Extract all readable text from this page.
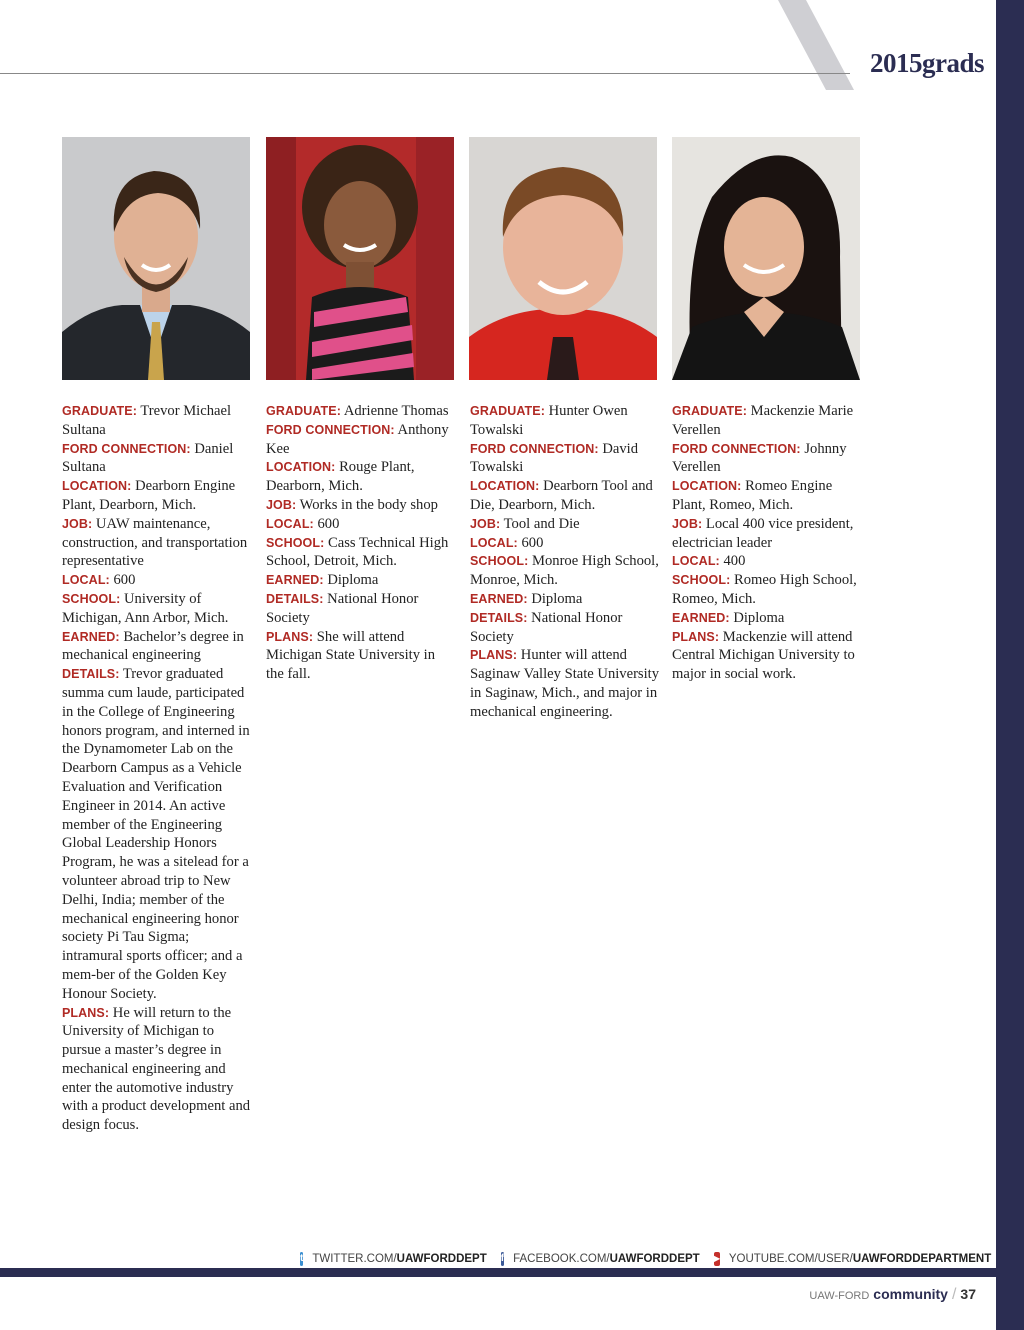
2015grads
GRADUATE: Trevor Michael Sultana
FORD CONNECTION: Daniel Sultana
LOCATION: Dearborn Engine Plant, Dearborn, Mich.
JOB: UAW maintenance, construction, and transportation representative
LOCAL: 600
SCHOOL: University of Michigan, Ann Arbor, Mich.
EARNED: Bachelor’s degree in mechanical engineering
DETAILS: Trevor graduated summa cum laude, participated in the College of Engineering honors program, and interned in the Dynamometer Lab on the Dearborn Campus as a Vehicle Evaluation and Verification Engineer in 2014. An active member of the Engineering Global Leadership Honors Program, he was a sitelead for a volunteer abroad trip to New Delhi, India; member of the mechanical engineering honor society Pi Tau Sigma; intramural sports officer; and a mem-ber of the Golden Key Honour Society.
PLANS: He will return to the University of Michigan to pursue a master’s degree in mechanical engineering and enter the automotive industry with a product development and design focus.

GRADUATE: Adrienne Thomas
FORD CONNECTION: Anthony Kee
LOCATION: Rouge Plant, Dearborn, Mich.
JOB: Works in the body shop
LOCAL: 600
SCHOOL: Cass Technical High School, Detroit, Mich.
EARNED: Diploma
DETAILS: National Honor Society
PLANS: She will attend Michigan State University in the fall.

GRADUATE: Hunter Owen Towalski
FORD CONNECTION: David Towalski
LOCATION: Dearborn Tool and Die, Dearborn, Mich.
JOB: Tool and Die
LOCAL: 600
SCHOOL: Monroe High School, Monroe, Mich.
EARNED: Diploma
DETAILS: National Honor Society
PLANS: Hunter will attend Saginaw Valley State University in Saginaw, Mich., and major in mechanical engineering.

GRADUATE: Mackenzie Marie Verellen
FORD CONNECTION: Johnny Verellen
LOCATION: Romeo Engine Plant, Romeo, Mich.
JOB: Local 400 vice president, electrician leader
LOCAL: 400
SCHOOL: Romeo High School, Romeo, Mich.
EARNED: Diploma
PLANS: Mackenzie will attend Central Michigan University to major in social work.

t TWITTER.COM/UAWFORDDEPT f FACEBOOK.COM/UAWFORDDEPT ▶ YOUTUBE.COM/USER/UAWFORDDEPARTMENT
UAW-FORD community / 37
